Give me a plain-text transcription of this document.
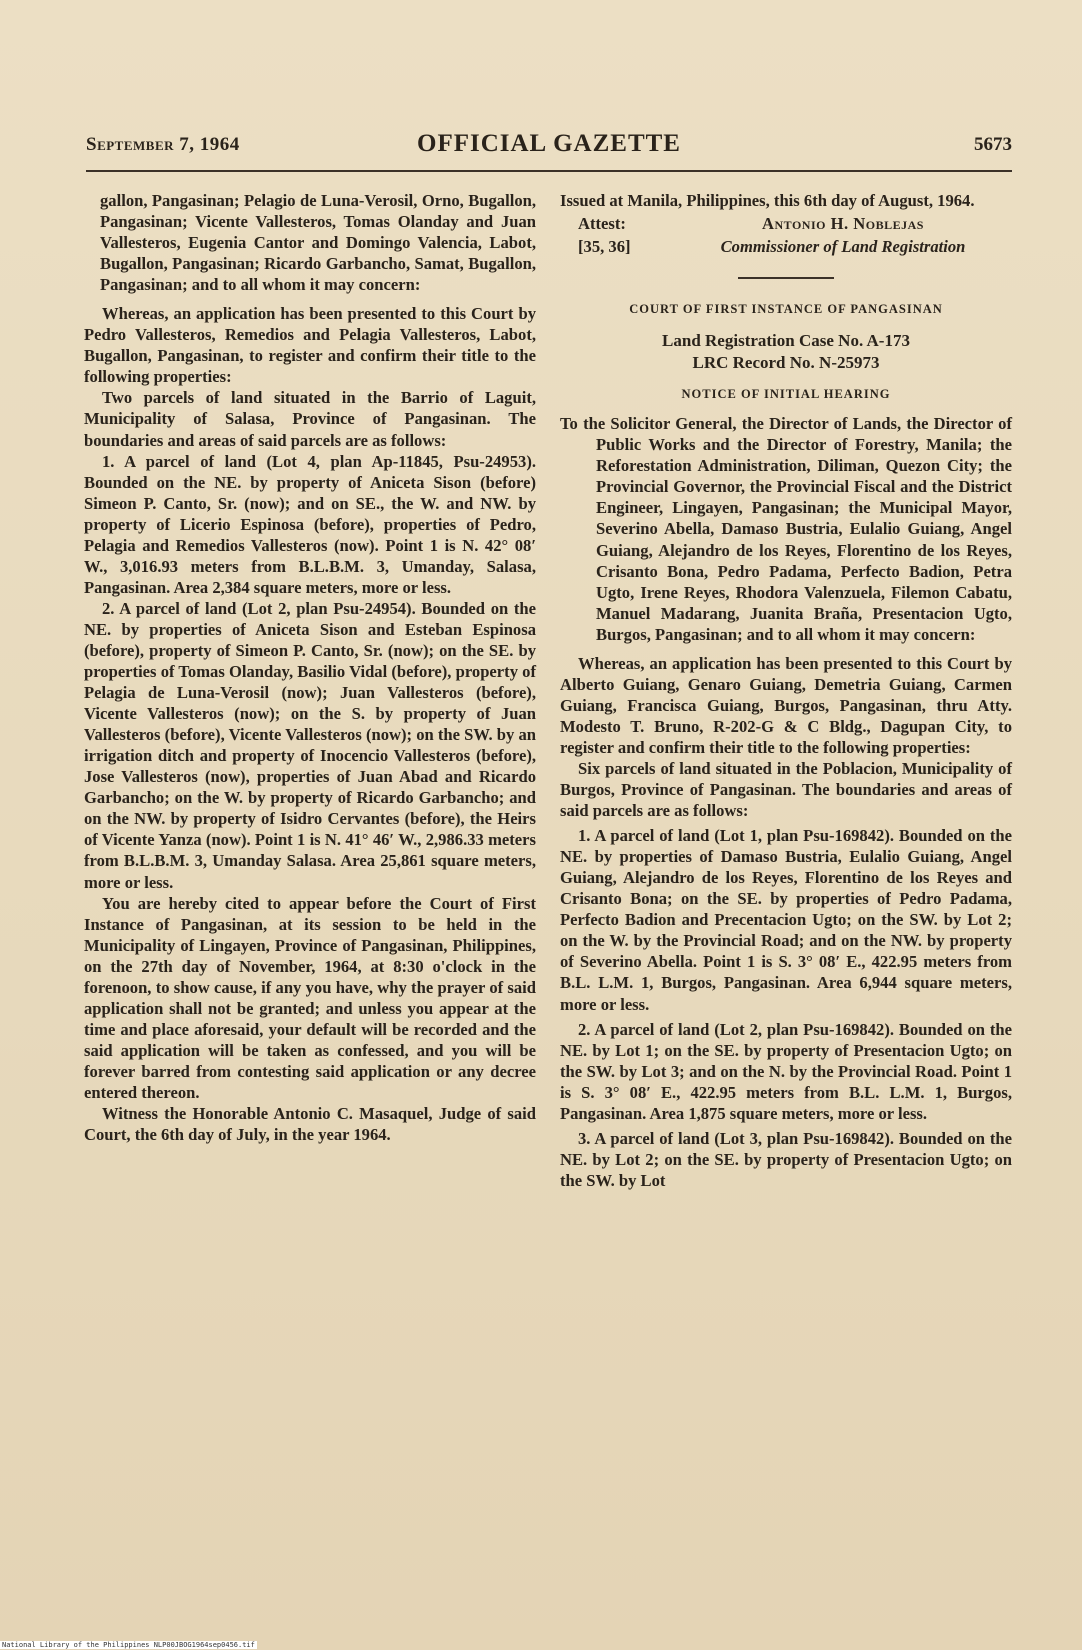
September 7, 1964	OFFICIAL GAZETTE	5673

gallon, Pangasinan; Pelagio de Luna-Verosil, Orno, Bugallon, Pangasinan; Vicente Vallesteros, Tomas Olanday and Juan Vallesteros, Eugenia Cantor and Domingo Valencia, Labot, Bugallon, Pangasinan; Ricardo Garbancho, Samat, Bugallon, Pangasinan; and to all whom it may concern:

Whereas, an application has been presented to this Court by Pedro Vallesteros, Remedios and Pelagia Vallesteros, Labot, Bugallon, Pangasinan, to register and confirm their title to the following properties:

Two parcels of land situated in the Barrio of Laguit, Municipality of Salasa, Province of Pangasinan. The boundaries and areas of said parcels are as follows:

1. A parcel of land (Lot 4, plan Ap-11845, Psu-24953). Bounded on the NE. by property of Aniceta Sison (before) Simeon P. Canto, Sr. (now); and on SE., the W. and NW. by property of Licerio Espinosa (before), properties of Pedro, Pelagia and Remedios Vallesteros (now). Point 1 is N. 42° 08′ W., 3,016.93 meters from B.L.B.M. 3, Umanday, Salasa, Pangasinan. Area 2,384 square meters, more or less.

2. A parcel of land (Lot 2, plan Psu-24954). Bounded on the NE. by properties of Aniceta Sison and Esteban Espinosa (before), property of Simeon P. Canto, Sr. (now); on the SE. by properties of Tomas Olanday, Basilio Vidal (before), property of Pelagia de Luna-Verosil (now); Juan Vallesteros (before), Vicente Vallesteros (now); on the S. by property of Juan Vallesteros (before), Vicente Vallesteros (now); on the SW. by an irrigation ditch and property of Inocencio Vallesteros (before), Jose Vallesteros (now), properties of Juan Abad and Ricardo Garbancho; on the W. by property of Ricardo Garbancho; and on the NW. by property of Isidro Cervantes (before), the Heirs of Vicente Yanza (now). Point 1 is N. 41° 46′ W., 2,986.33 meters from B.L.B.M. 3, Umanday Salasa. Area 25,861 square meters, more or less.

You are hereby cited to appear before the Court of First Instance of Pangasinan, at its session to be held in the Municipality of Lingayen, Province of Pangasinan, Philippines, on the 27th day of November, 1964, at 8:30 o'clock in the forenoon, to show cause, if any you have, why the prayer of said application shall not be granted; and unless you appear at the time and place aforesaid, your default will be recorded and the said application will be taken as confessed, and you will be forever barred from contesting said application or any decree entered thereon.

Witness the Honorable Antonio C. Masaquel, Judge of said Court, the 6th day of July, in the year 1964.

Issued at Manila, Philippines, this 6th day of August, 1964.

Attest:	Antonio H. Noblejas
[35, 36]	Commissioner of Land Registration
COURT OF FIRST INSTANCE OF PANGASINAN
Land Registration Case No. A-173
LRC Record No. N-25973
NOTICE OF INITIAL HEARING

To the Solicitor General, the Director of Lands, the Director of Public Works and the Director of Forestry, Manila; the Reforestation Administration, Diliman, Quezon City; the Provincial Governor, the Provincial Fiscal and the District Engineer, Lingayen, Pangasinan; the Municipal Mayor, Severino Abella, Damaso Bustria, Eulalio Guiang, Angel Guiang, Alejandro de los Reyes, Florentino de los Reyes, Crisanto Bona, Pedro Padama, Perfecto Badion, Petra Ugto, Irene Reyes, Rhodora Valenzuela, Filemon Cabatu, Manuel Madarang, Juanita Braña, Presentacion Ugto, Burgos, Pangasinan; and to all whom it may concern:

Whereas, an application has been presented to this Court by Alberto Guiang, Genaro Guiang, Demetria Guiang, Carmen Guiang, Francisca Guiang, Burgos, Pangasinan, thru Atty. Modesto T. Bruno, R-202-G & C Bldg., Dagupan City, to register and confirm their title to the following properties:

Six parcels of land situated in the Poblacion, Municipality of Burgos, Province of Pangasinan. The boundaries and areas of said parcels are as follows:

1. A parcel of land (Lot 1, plan Psu-169842). Bounded on the NE. by properties of Damaso Bustria, Eulalio Guiang, Angel Guiang, Alejandro de los Reyes, Florentino de los Reyes and Crisanto Bona; on the SE. by properties of Pedro Padama, Perfecto Badion and Precentacion Ugto; on the SW. by Lot 2; on the W. by the Provincial Road; and on the NW. by property of Severino Abella. Point 1 is S. 3° 08′ E., 422.95 meters from B.L. L.M. 1, Burgos, Pangasinan. Area 6,944 square meters, more or less.

2. A parcel of land (Lot 2, plan Psu-169842). Bounded on the NE. by Lot 1; on the SE. by property of Presentacion Ugto; on the SW. by Lot 3; and on the N. by the Provincial Road. Point 1 is S. 3° 08′ E., 422.95 meters from B.L. L.M. 1, Burgos, Pangasinan. Area 1,875 square meters, more or less.

3. A parcel of land (Lot 3, plan Psu-169842). Bounded on the NE. by Lot 2; on the SE. by property of Presentacion Ugto; on the SW. by Lot

National Library of the Philippines NLP00JBOG1964sep0456.tif
